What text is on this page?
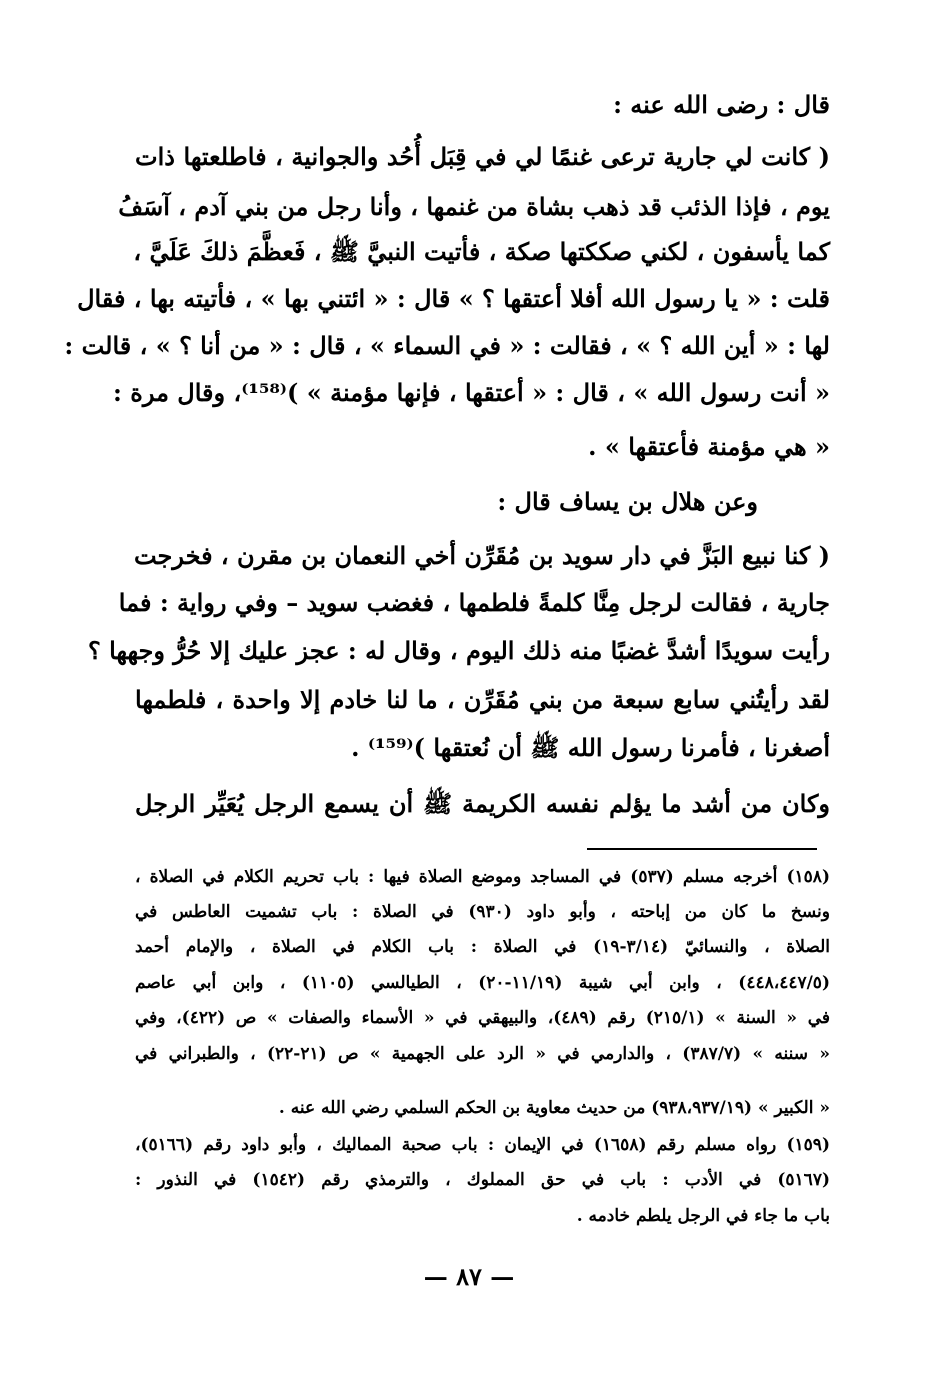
قال : رضى الله عنه :
( كانت لي جارية ترعى غنمًا لي في قِبَل أُحُد والجوانية ، فاطلعتها ذات
يوم ، فإذا الذئب قد ذهب بشاة من غنمها ، وأنا رجل من بني آدم ، آسَفُ
كما يأسفون ، لكني صككتها صكة ، فأتيت النبيَّ ﷺ ، فَعظَّمَ ذلكَ عَلَيَّ ،
قلت : « يا رسول الله أفلا أعتقها ؟ » قال : « ائتني بها » ، فأتيته بها ، فقال
لها : « أين الله ؟ » ، فقالت : « في السماء » ، قال : « من أنا ؟ » ، قالت :
« أنت رسول الله » ، قال : « أعتقها ، فإنها مؤمنة » )⁽¹⁵⁸⁾، وقال مرة :
« هي مؤمنة فأعتقها » .
وعن هلال بن يساف قال :
( كنا نبيع البَزَّ في دار سويد بن مُقَرِّن أخي النعمان بن مقرن ، فخرجت
جارية ، فقالت لرجل مِنَّا كلمةً فلطمها ، فغضب سويد – وفي رواية : فما
رأيت سويدًا أشدَّ غضبًا منه ذلك اليوم ، وقال له : عجز عليك إلا حُرُّ وجهها ؟
لقد رأيتُني سابع سبعة من بني مُقَرِّن ، ما لنا خادم إلا واحدة ، فلطمها
أصغرنا ، فأمرنا رسول الله ﷺ أن نُعتقها )⁽¹⁵⁹⁾ .
وكان من أشد ما يؤلم نفسه الكريمة ﷺ أن يسمع الرجل يُعَيِّر الرجل
(١٥٨) أخرجه مسلم (٥٣٧) في المساجد وموضع الصلاة فيها : باب تحريم الكلام في الصلاة ،
ونسخ ما كان من إباحته ، وأبو داود (٩٣٠) في الصلاة : باب تشميت العاطس في
الصلاة ، والنسائيّ (٣/١٤-١٩) في الصلاة : باب الكلام في الصلاة ، والإمام أحمد
(٤٤٨،٤٤٧/٥) ، وابن أبي شيبة (١١/١٩-٢٠) ، الطيالسي (١١٠٥) ، وابن أبي عاصم
في « السنة » (٢١٥/١) رقم (٤٨٩)، والبيهقي في « الأسماء والصفات » ص (٤٢٢)، وفي
« سننه » (٣٨٧/٧) ، والدارمي في « الرد على الجهمية » ص (٢١-٢٢) ، والطبراني في
« الكبير » (٩٣٨،٩٣٧/١٩) من حديث معاوية بن الحكم السلمي رضي الله عنه .
(١٥٩) رواه مسلم رقم (١٦٥٨) في الإيمان : باب صحبة المماليك ، وأبو داود رقم (٥١٦٦)،
(٥١٦٧) في الأدب : باب في حق المملوك ، والترمذي رقم (١٥٤٢) في النذور :
باب ما جاء في الرجل يلطم خادمه .
— ٨٧ —
